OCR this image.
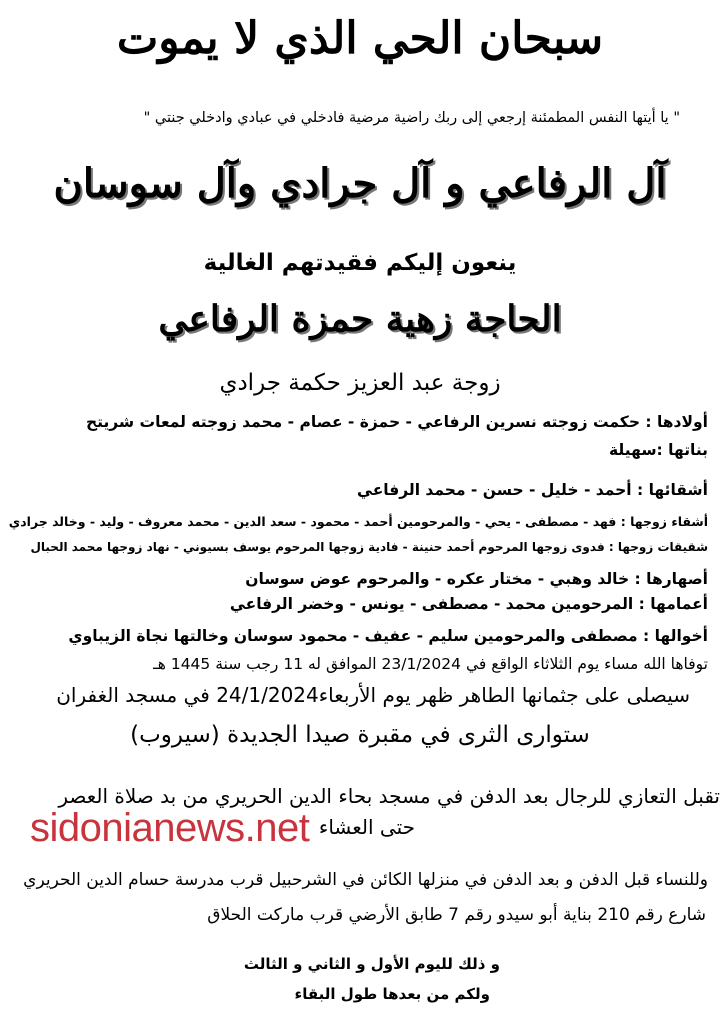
سبحان الحي الذي لا يموت
" يا أيتها النفس المطمئنة إرجعي إلى ربك راضية مرضية فادخلي في عبادي وادخلي جنتي "
آل الرفاعي و آل جرادي وآل سوسان
ينعون إليكم فقيدتهم الغالية
الحاجة زهية حمزة الرفاعي
زوجة عبد العزيز حكمة جرادي
أولادها : حكمت زوجته نسرين الرفاعي - حمزة - عصام - محمد زوجته لمعات شريتح
بناتها :سهيلة
أشقائها : أحمد - خليل - حسن - محمد الرفاعي
أشقاء زوجها : فهد - مصطفى - يحي - والمرحومين أحمد - محمود - سعد الدين - محمد معروف - وليد - وخالد جرادي
شقيقات زوجها : فدوى زوجها المرحوم أحمد حنينة - فادية زوجها المرحوم يوسف بسيوني - نهاد زوجها محمد الحبال
أصهارها : خالد وهبي - مختار عكره - والمرحوم عوض سوسان
أعمامها : المرحومين محمد - مصطفى - يونس - وخضر الرفاعي
أخوالها : مصطفى والمرحومين سليم - عفيف - محمود سوسان وخالتها نجاة الزيباوي
توفاها الله مساء يوم الثلاثاء الواقع في 23/1/2024 الموافق له 11 رجب سنة 1445 هـ
سيصلى على جثمانها الطاهر ظهر يوم الأربعاء24/1/2024 في مسجد الغفران
ستوارى الثرى في مقبرة صيدا الجديدة (سيروب)
تقبل التعازي للرجال بعد الدفن في مسجد بحاء الدين الحريري من بد صلاة العصر
حتى العشاء
sidonianews.net
وللنساء قبل الدفن و بعد الدفن في منزلها الكائن في الشرحبيل قرب مدرسة حسام الدين الحريري
شارع رقم 210 بناية أبو سيدو رقم 7 طابق الأرضي قرب ماركت الحلاق
و ذلك لليوم الأول و الثاني و الثالث
ولكم من بعدها طول البقاء
